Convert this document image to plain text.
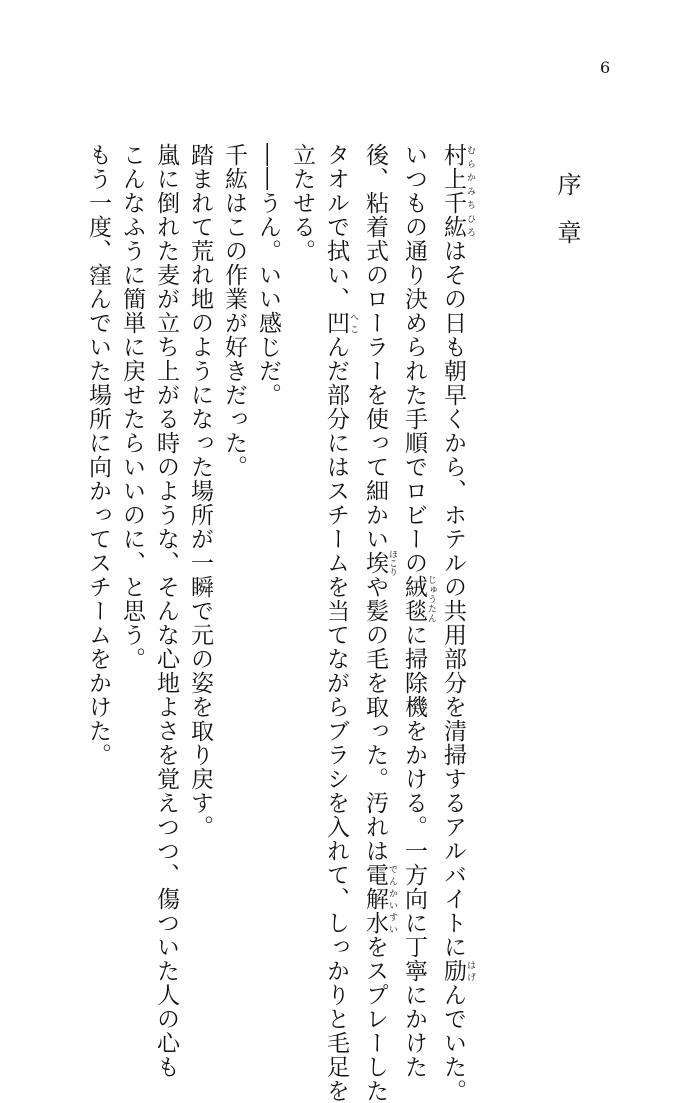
6
序章
村上千紘 むらかみちひろはその日も朝早くから、ホテルの共用部分を清掃するアルバイトに励 はげんでいた。
いつもの通り決められた手順でロビーの絨毯 じゅうたんに掃除機をかける。一方向に丁寧にかけた
後、粘着式のローラーを使って細かい埃 ほこりや髪の毛を取った。汚れは電解水 でんかいすいをスプレーした
タオルで拭い、凹 へこんだ部分にはスチームを当てながらブラシを入れて、しっかりと毛足を
立たせる。
――うん。いい感じだ。
千紘はこの作業が好きだった。
踏まれて荒れ地のようになった場所が一瞬で元の姿を取り戻す。
嵐に倒れた麦が立ち上がる時のような、そんな心地よさを覚えつつ、傷ついた人の心も
こんなふうに簡単に戻せたらいいのに、と思う。
もう一度、窪んでいた場所に向かってスチームをかけた。
